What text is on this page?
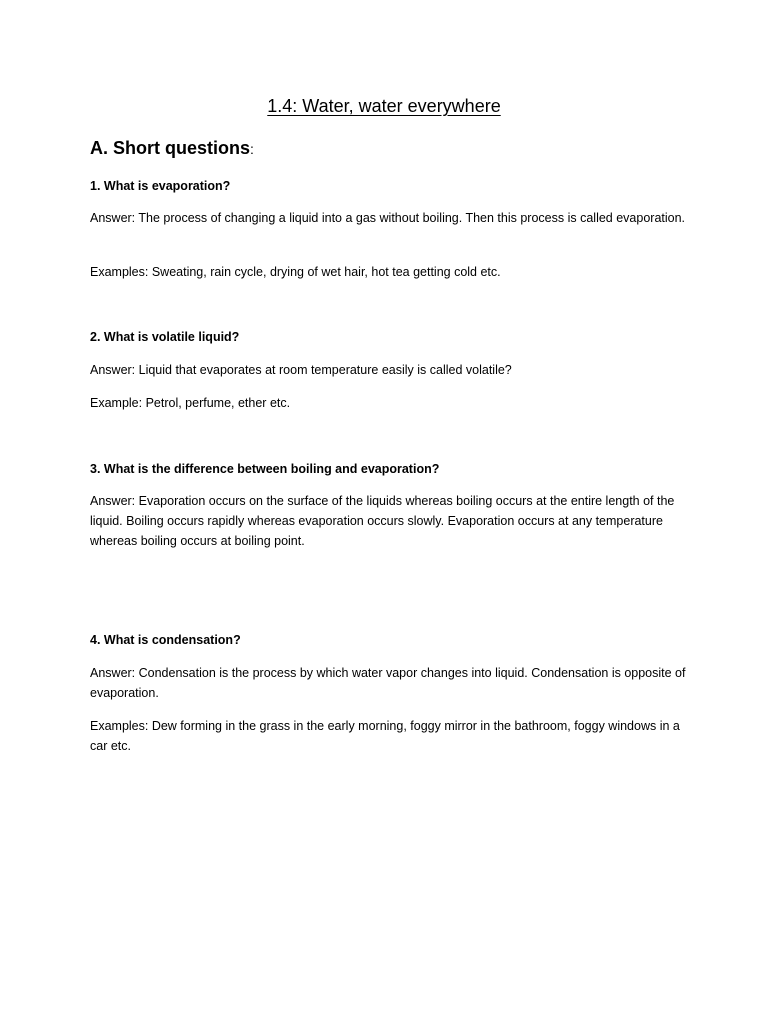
1.4: Water, water everywhere
A. Short questions:
1. What is evaporation?
Answer: The process of changing a liquid into a gas without boiling. Then this process is called evaporation.
Examples: Sweating, rain cycle, drying of wet hair, hot tea getting cold etc.
2. What is volatile liquid?
Answer: Liquid that evaporates at room temperature easily is called volatile?
Example: Petrol, perfume, ether etc.
3. What is the difference between boiling and evaporation?
Answer: Evaporation occurs on the surface of the liquids whereas boiling occurs at the entire length of the liquid. Boiling occurs rapidly whereas evaporation occurs slowly. Evaporation occurs at any temperature whereas boiling occurs at boiling point.
4. What is condensation?
Answer: Condensation is the process by which water vapor changes into liquid. Condensation is opposite of evaporation.
Examples: Dew forming in the grass in the early morning, foggy mirror in the bathroom, foggy windows in a car etc.
